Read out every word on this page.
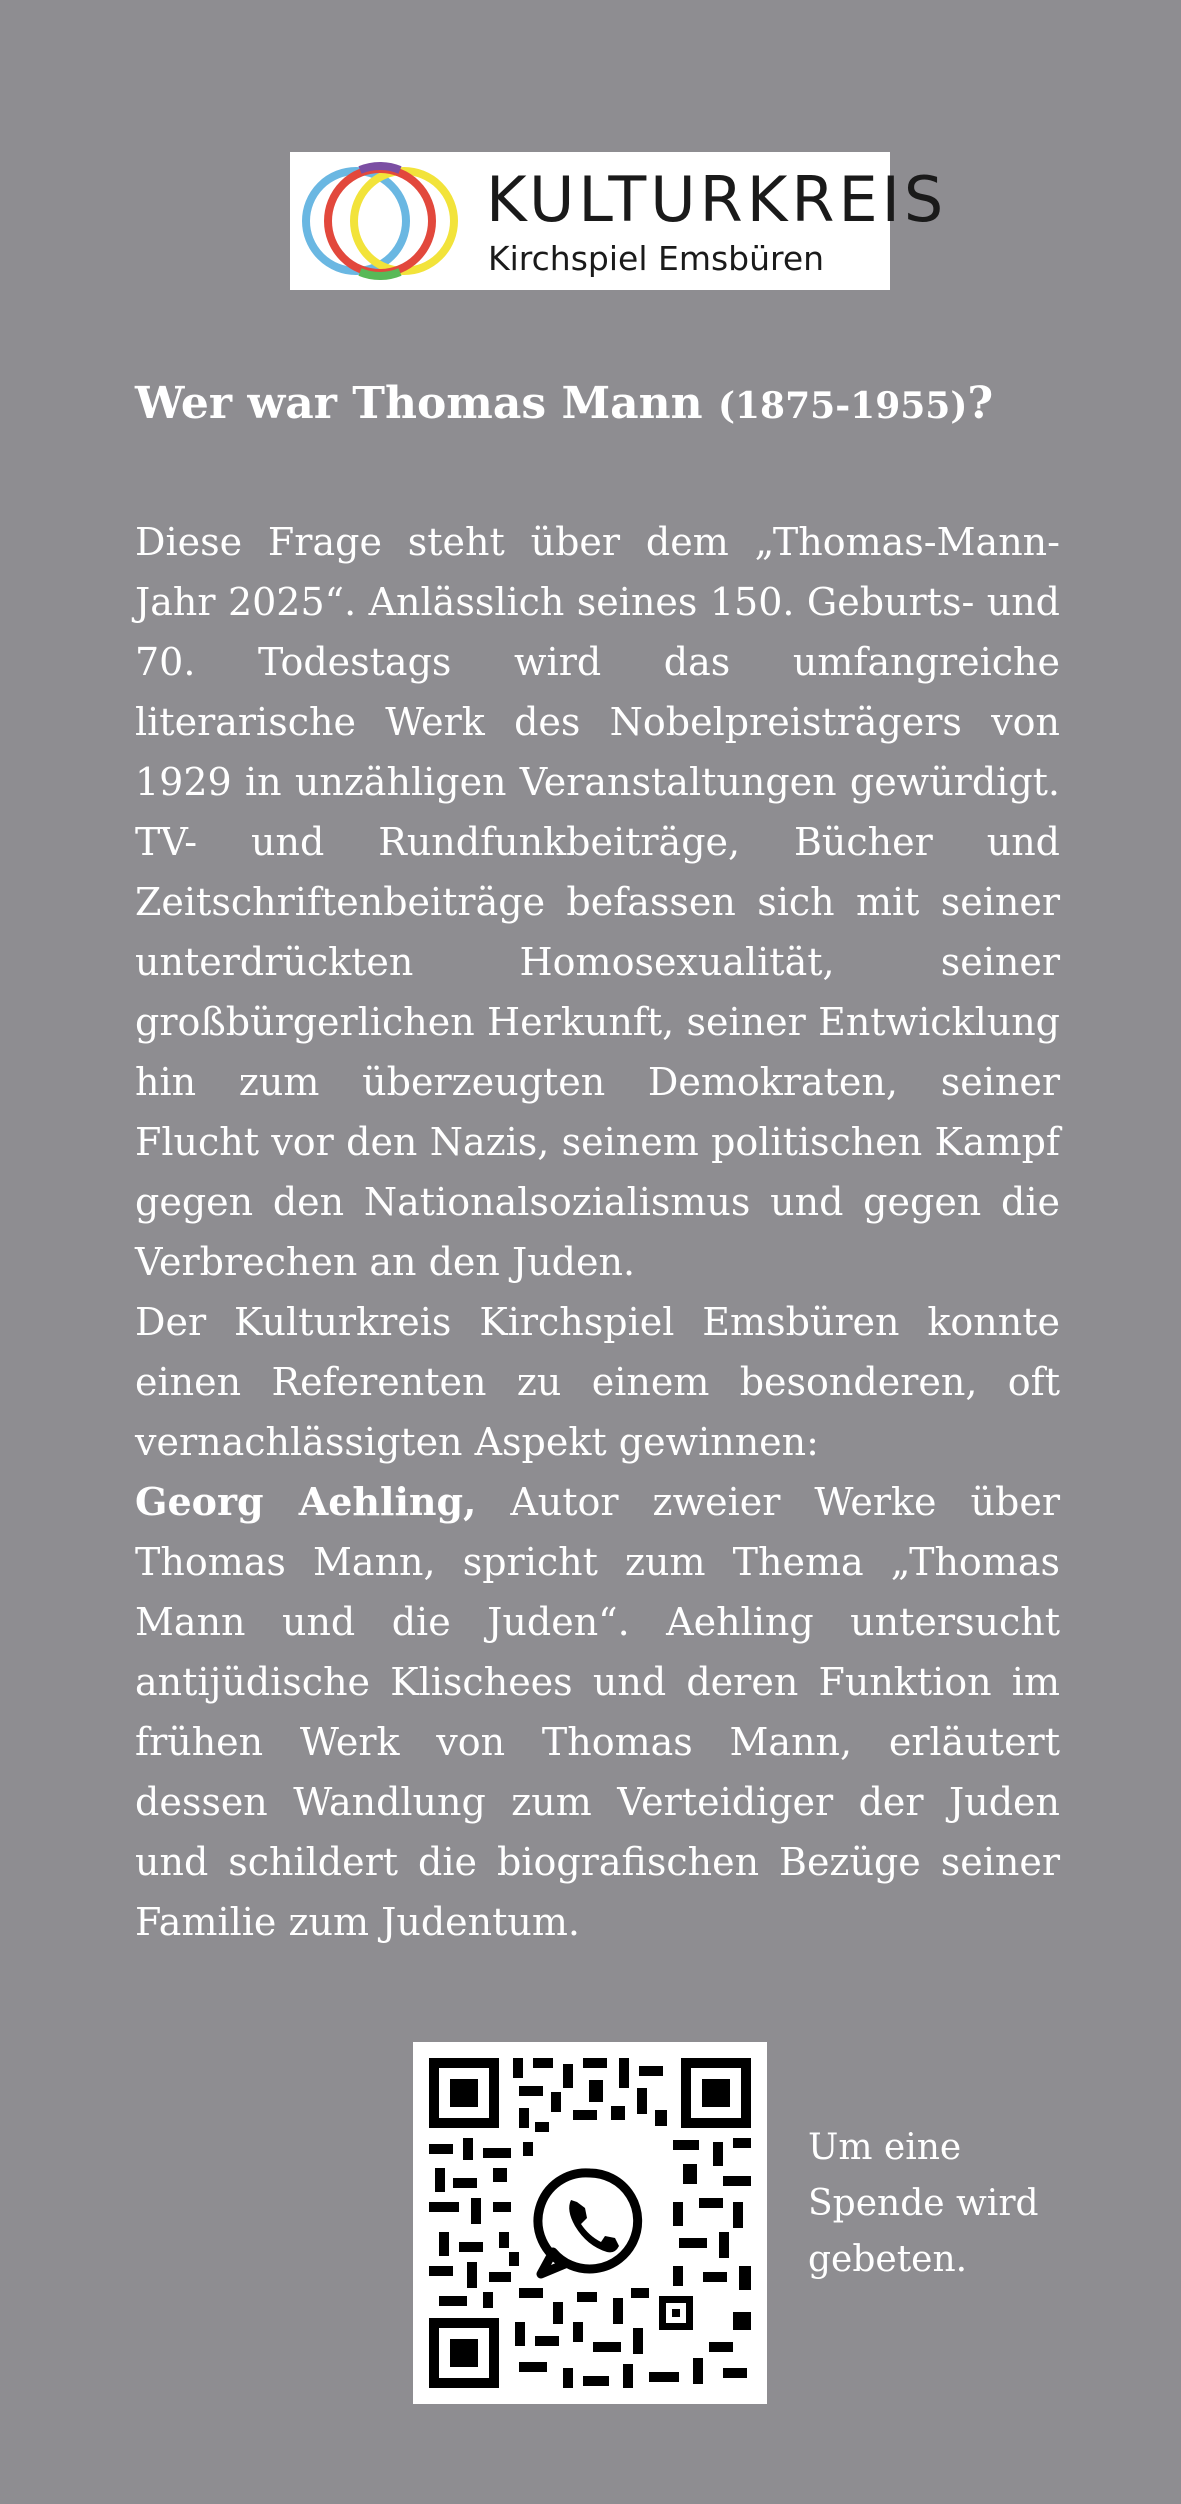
KULTURKREIS
Kirchspiel Emsbüren
Wer war Thomas Mann (1875-1955)?

Diese Frage steht über dem „Thomas-Mann-Jahr 2025“. Anlässlich seines 150. Geburts- und 70. Todestags wird das umfangreiche literarische Werk des Nobelpreisträgers von 1929 in unzähligen Veranstaltungen gewürdigt. TV- und Rundfunkbeiträge, Bücher und Zeitschriftenbeiträge befassen sich mit seiner unterdrückten Homosexualität, seiner großbürgerlichen Herkunft, seiner Entwicklung hin zum überzeugten Demokraten, seiner Flucht vor den Nazis, seinem politischen Kampf gegen den Nationalsozialismus und gegen die Verbrechen an den Juden.

Der Kulturkreis Kirchspiel Emsbüren konnte einen Referenten zu einem besonderen, oft vernachlässigten Aspekt gewinnen:

Georg Aehling, Autor zweier Werke über Thomas Mann, spricht zum Thema „Thomas Mann und die Juden“. Aehling untersucht antijüdische Klischees und deren Funktion im frühen Werk von Thomas Mann, erläutert dessen Wandlung zum Verteidiger der Juden und schildert die biografischen Bezüge seiner Familie zum Judentum.

Um eine
Spende wird
gebeten.
